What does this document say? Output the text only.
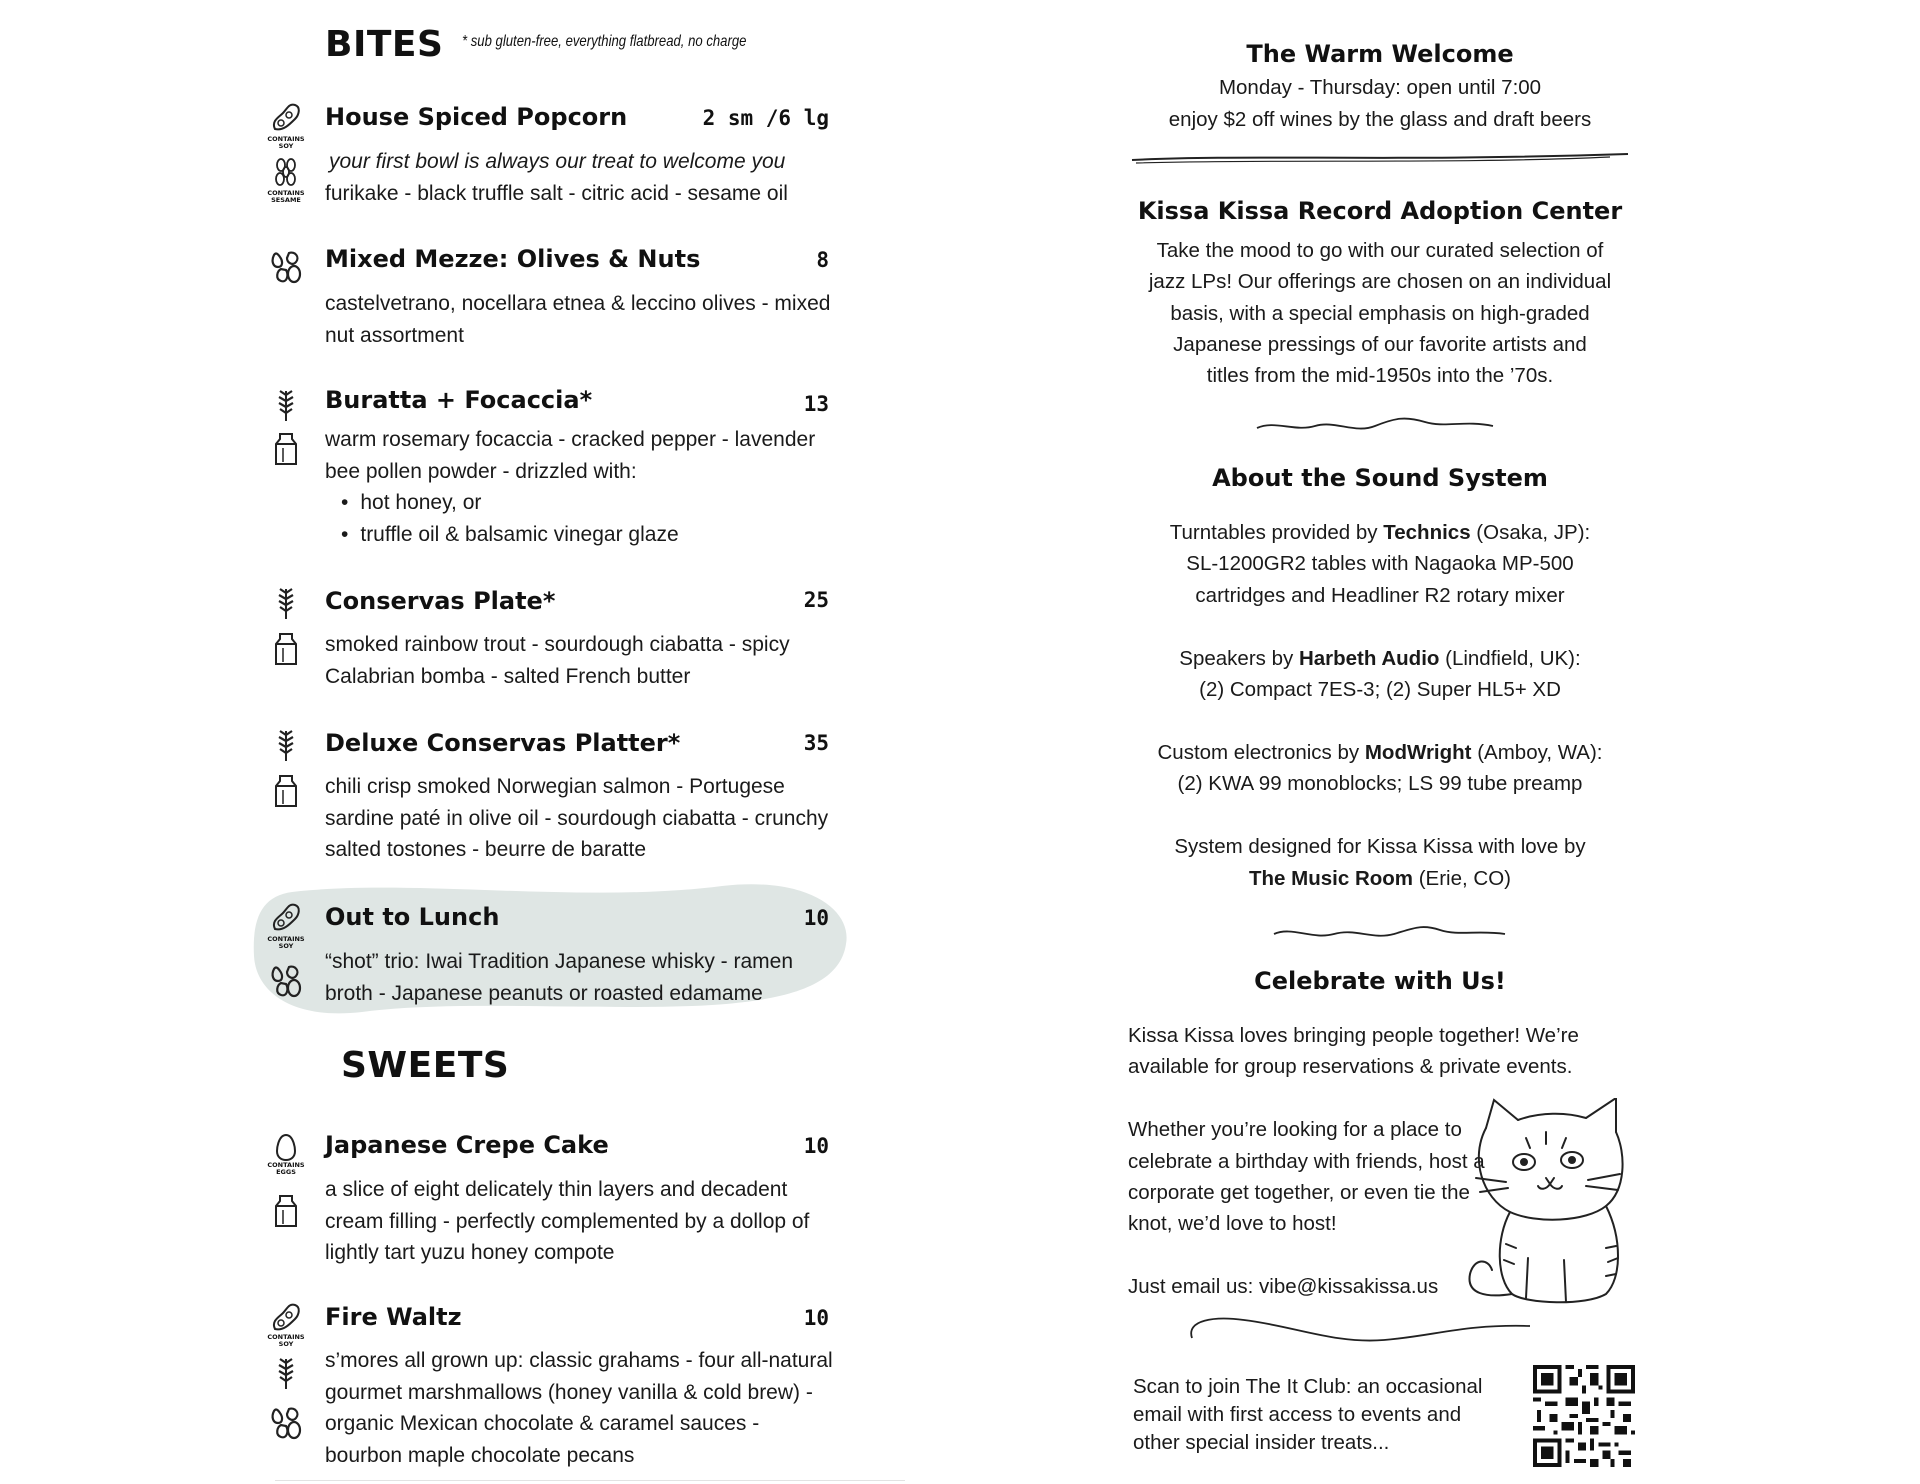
BITES * sub gluten-free, everything flatbread, no charge
House Spiced Popcorn	2 sm /6 lg
your first bowl is always our treat to welcome you
furikake - black truffle salt - citric acid - sesame oil
CONTAINS SOY
CONTAINS SESAME
Mixed Mezze: Olives & Nuts	8
castelvetrano, nocellara etnea & leccino olives - mixed nut assortment
Buratta + Focaccia*	13
warm rosemary focaccia - cracked pepper - lavender bee pollen powder - drizzled with:
• hot honey, or
• truffle oil & balsamic vinegar glaze
Conservas Plate*	25
smoked rainbow trout - sourdough ciabatta - spicy Calabrian bomba - salted French butter
Deluxe Conservas Platter*	35
chili crisp smoked Norwegian salmon - Portugese sardine paté in olive oil - sourdough ciabatta - crunchy salted tostones - beurre de baratte
Out to Lunch	10
“shot” trio: Iwai Tradition Japanese whisky - ramen broth - Japanese peanuts or roasted edamame
CONTAINS SOY
SWEETS
Japanese Crepe Cake	10
a slice of eight delicately thin layers and decadent cream filling - perfectly complemented by a dollop of lightly tart yuzu honey compote
CONTAINS EGGS
Fire Waltz	10
s’mores all grown up: classic grahams - four all-natural gourmet marshmallows (honey vanilla & cold brew) - organic Mexican chocolate & caramel sauces - bourbon maple chocolate pecans
CONTAINS SOY
The Warm Welcome
Monday - Thursday: open until 7:00
enjoy $2 off wines by the glass and draft beers
Kissa Kissa Record Adoption Center
Take the mood to go with our curated selection of
jazz LPs! Our offerings are chosen on an individual
basis, with a special emphasis on high-graded
Japanese pressings of our favorite artists and
titles from the mid-1950s into the ’70s.
About the Sound System
Turntables provided by Technics (Osaka, JP):
SL-1200GR2 tables with Nagaoka MP-500
cartridges and Headliner R2 rotary mixer
Speakers by Harbeth Audio (Lindfield, UK):
(2) Compact 7ES-3; (2) Super HL5+ XD
Custom electronics by ModWright (Amboy, WA):
(2) KWA 99 monoblocks; LS 99 tube preamp
System designed for Kissa Kissa with love by
The Music Room (Erie, CO)
Celebrate with Us!
Kissa Kissa loves bringing people together! We’re
available for group reservations & private events.
Whether you’re looking for a place to
celebrate a birthday with friends, host a
corporate get together, or even tie the
knot, we’d love to host!
Just email us: vibe@kissakissa.us
Scan to join The It Club: an occasional
email with first access to events and
other special insider treats...
